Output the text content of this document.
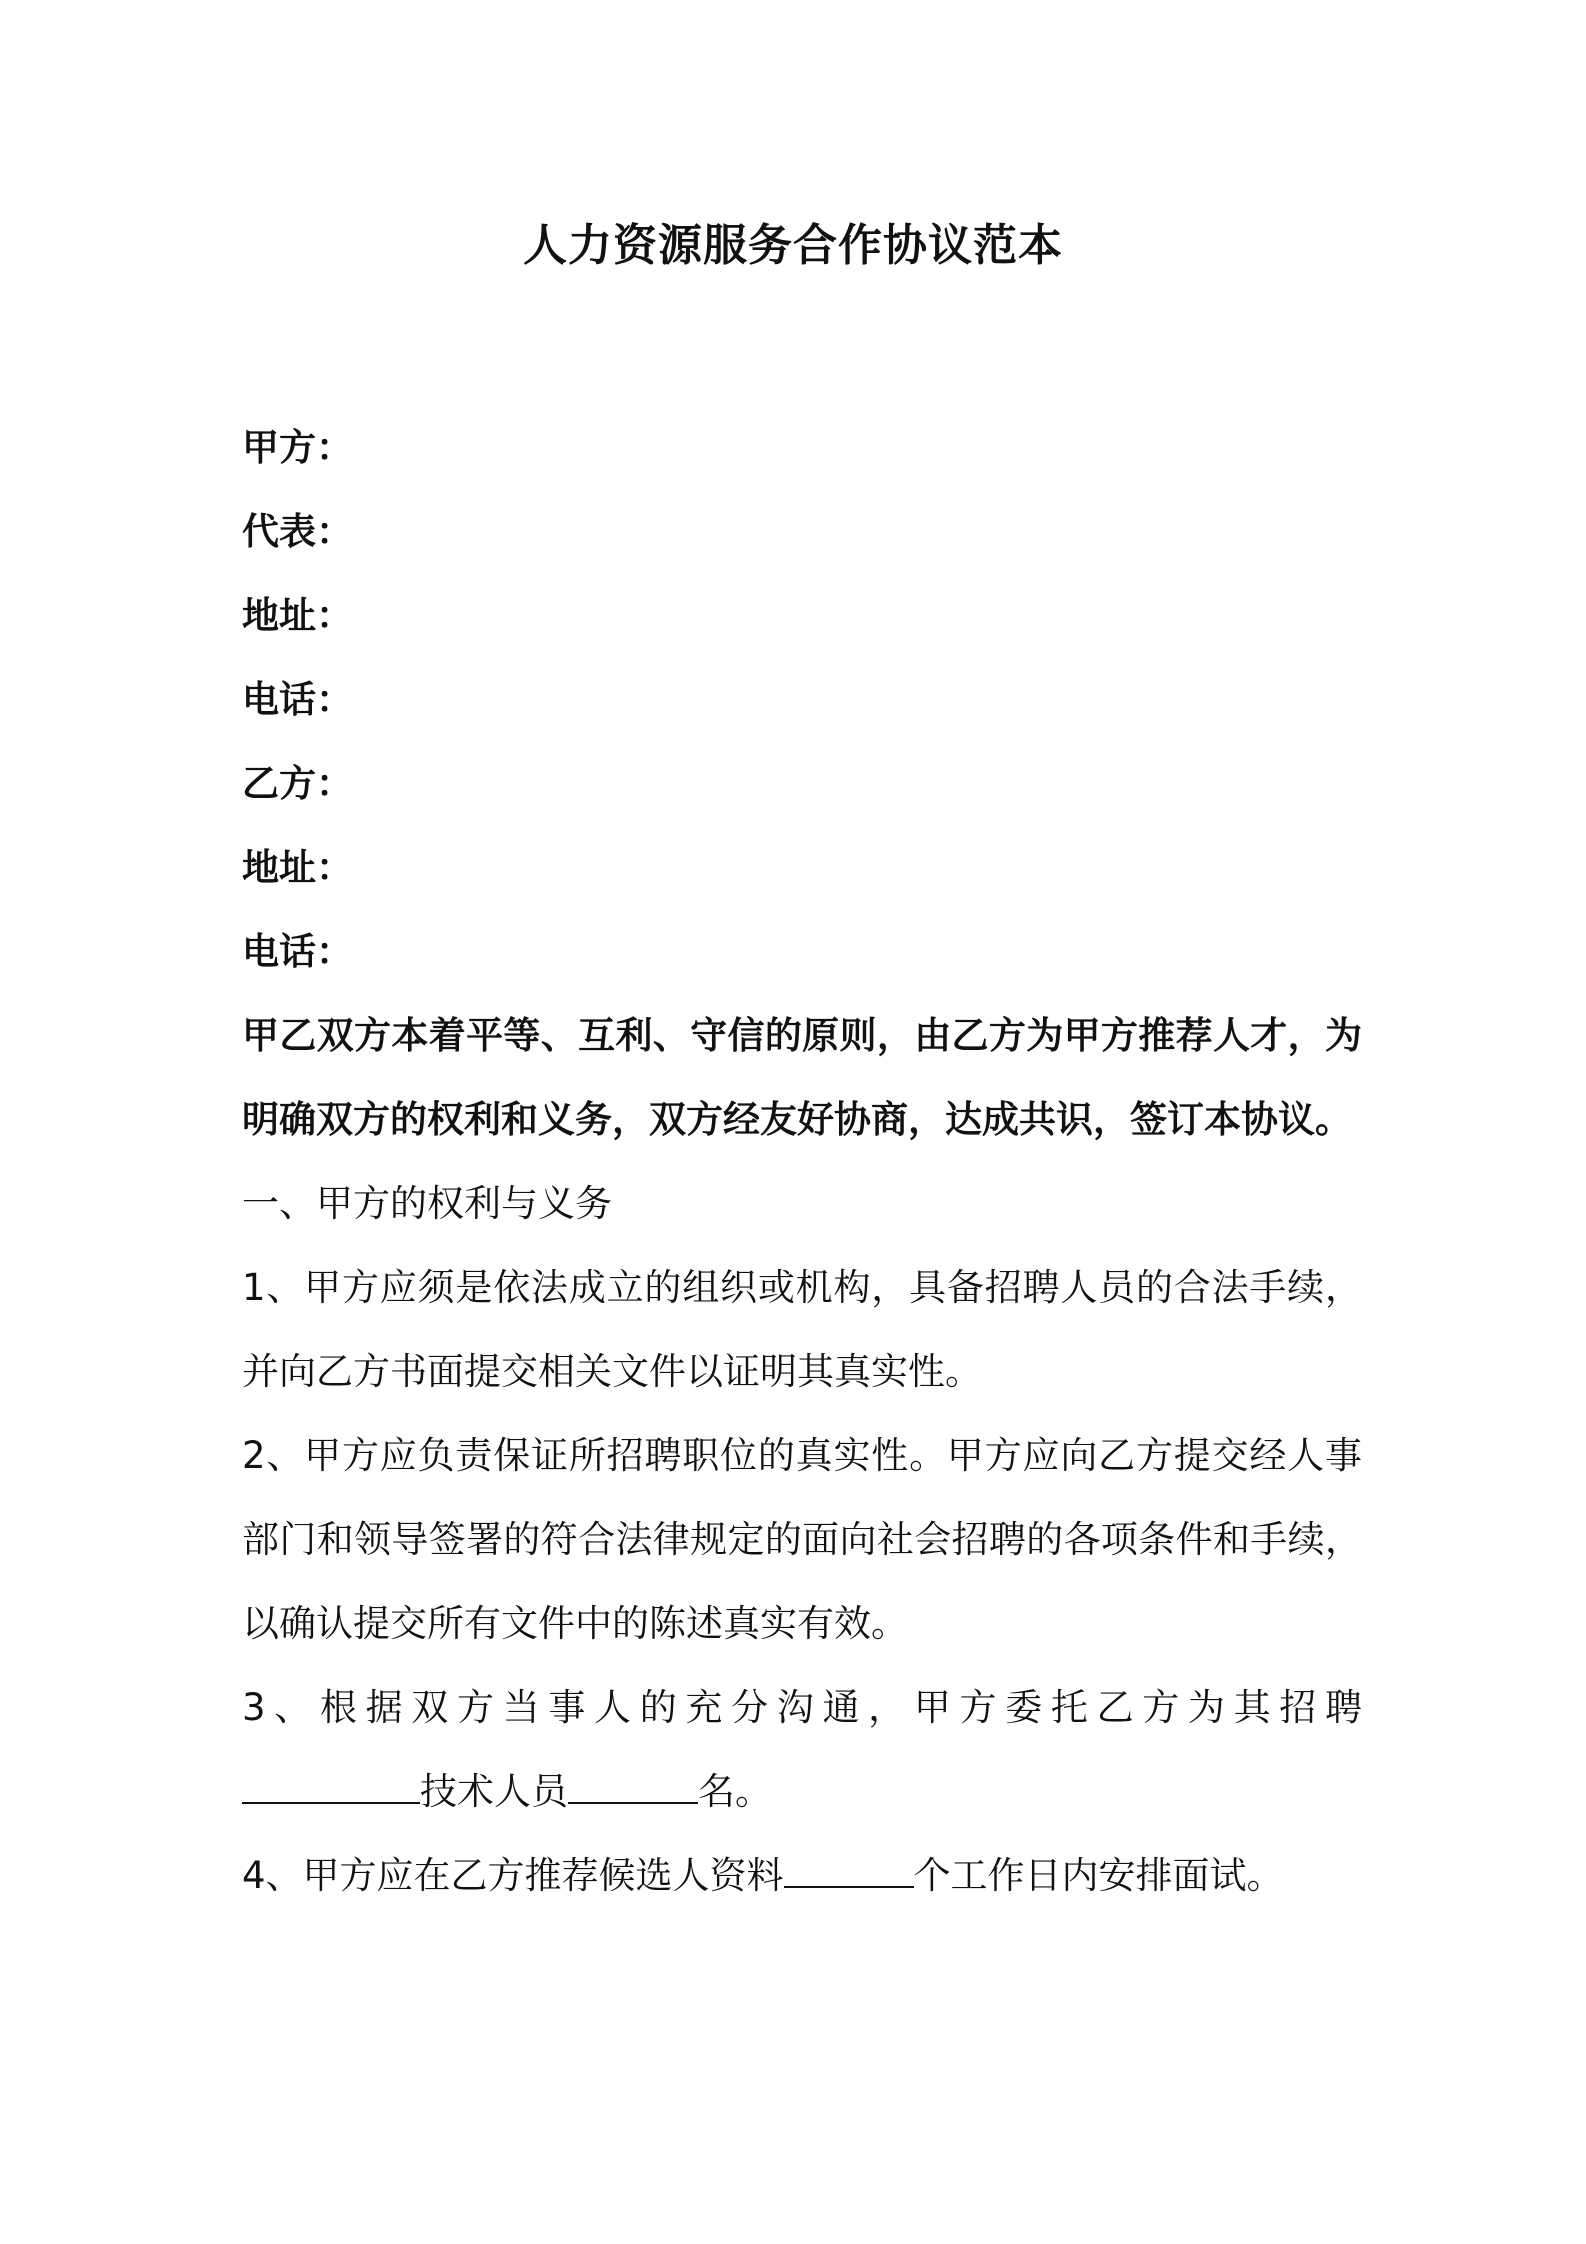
人力资源服务合作协议范本
甲方：
代表：
地址：
电话：
乙方：
地址：
电话：

甲乙双方本着平等、互利、守信的原则，由乙方为甲方推荐人才，为明确双方的权利和义务，双方经友好协商，达成共识，签订本协议。

一、甲方的权利与义务

1、甲方应须是依法成立的组织或机构，具备招聘人员的合法手续，并向乙方书面提交相关文件以证明其真实性。

2、甲方应负责保证所招聘职位的真实性。甲方应向乙方提交经人事部门和领导签署的符合法律规定的面向社会招聘的各项条件和手续，以确认提交所有文件中的陈述真实有效。

3、根据双方当事人的充分沟通，甲方委托乙方为其招聘

技术人员	名。

4、甲方应在乙方推荐候选人资料	个工作日内安排面试。
